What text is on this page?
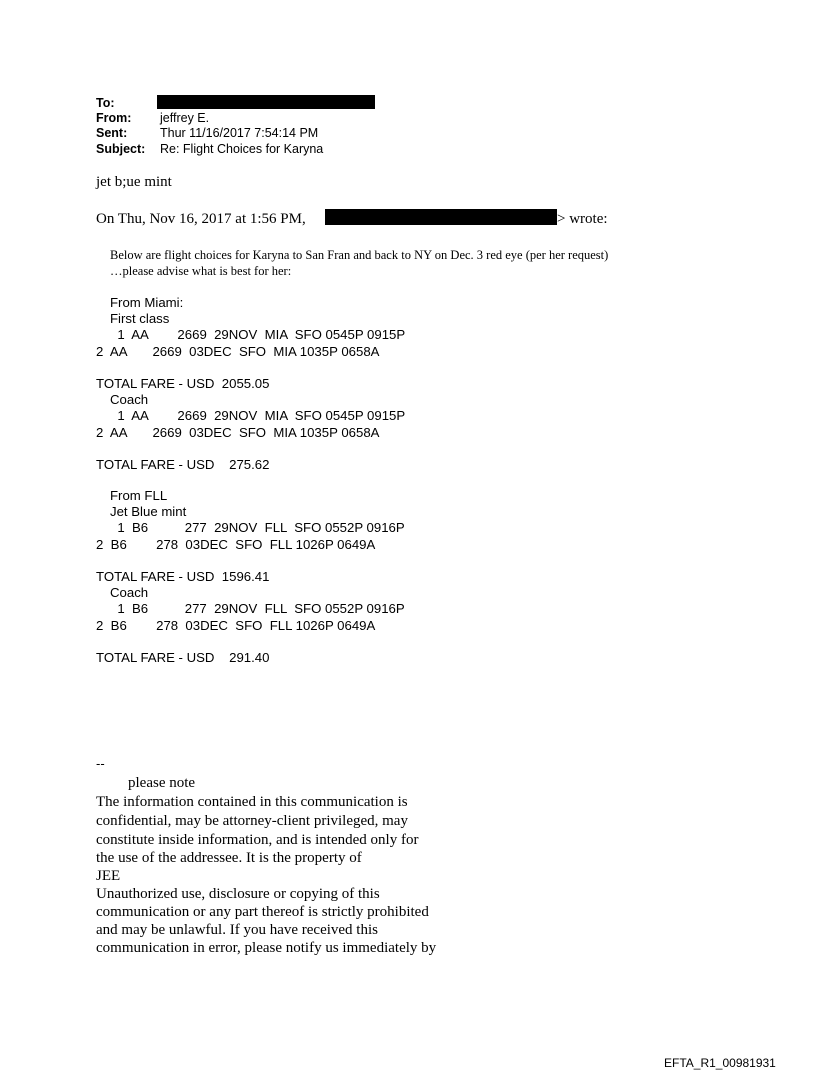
To:
From: jeffrey E.
Sent:	Thur 11/16/2017 7:54:14 PM
Subject: Re: Flight Choices for Karyna
jet b;ue mint
On Thu, Nov 16, 2017 at 1:56 PM,	> wrote:
Below are flight choices for Karyna to San Fran and back to NY on Dec. 3 red eye (per her request)
…please advise what is best for her:
From Miami:
First class
1  AA        2669  29NOV  MIA  SFO 0545P 0915P
2  AA       2669  03DEC  SFO  MIA 1035P 0658A
TOTAL FARE - USD  2055.05
Coach
1  AA        2669  29NOV  MIA  SFO 0545P 0915P
2  AA       2669  03DEC  SFO  MIA 1035P 0658A
TOTAL FARE - USD    275.62
From FLL
Jet Blue mint
1  B6          277  29NOV  FLL  SFO 0552P 0916P
2  B6        278  03DEC  SFO  FLL 1026P 0649A
TOTAL FARE - USD  1596.41
Coach
1  B6          277  29NOV  FLL  SFO 0552P 0916P
2  B6        278  03DEC  SFO  FLL 1026P 0649A
TOTAL FARE - USD    291.40
--
please note
The information contained in this communication is
confidential, may be attorney-client privileged, may
constitute inside information, and is intended only for
the use of the addressee. It is the property of
JEE
Unauthorized use, disclosure or copying of this
communication or any part thereof is strictly prohibited
and may be unlawful. If you have received this
communication in error, please notify us immediately by
EFTA_R1_00981931
